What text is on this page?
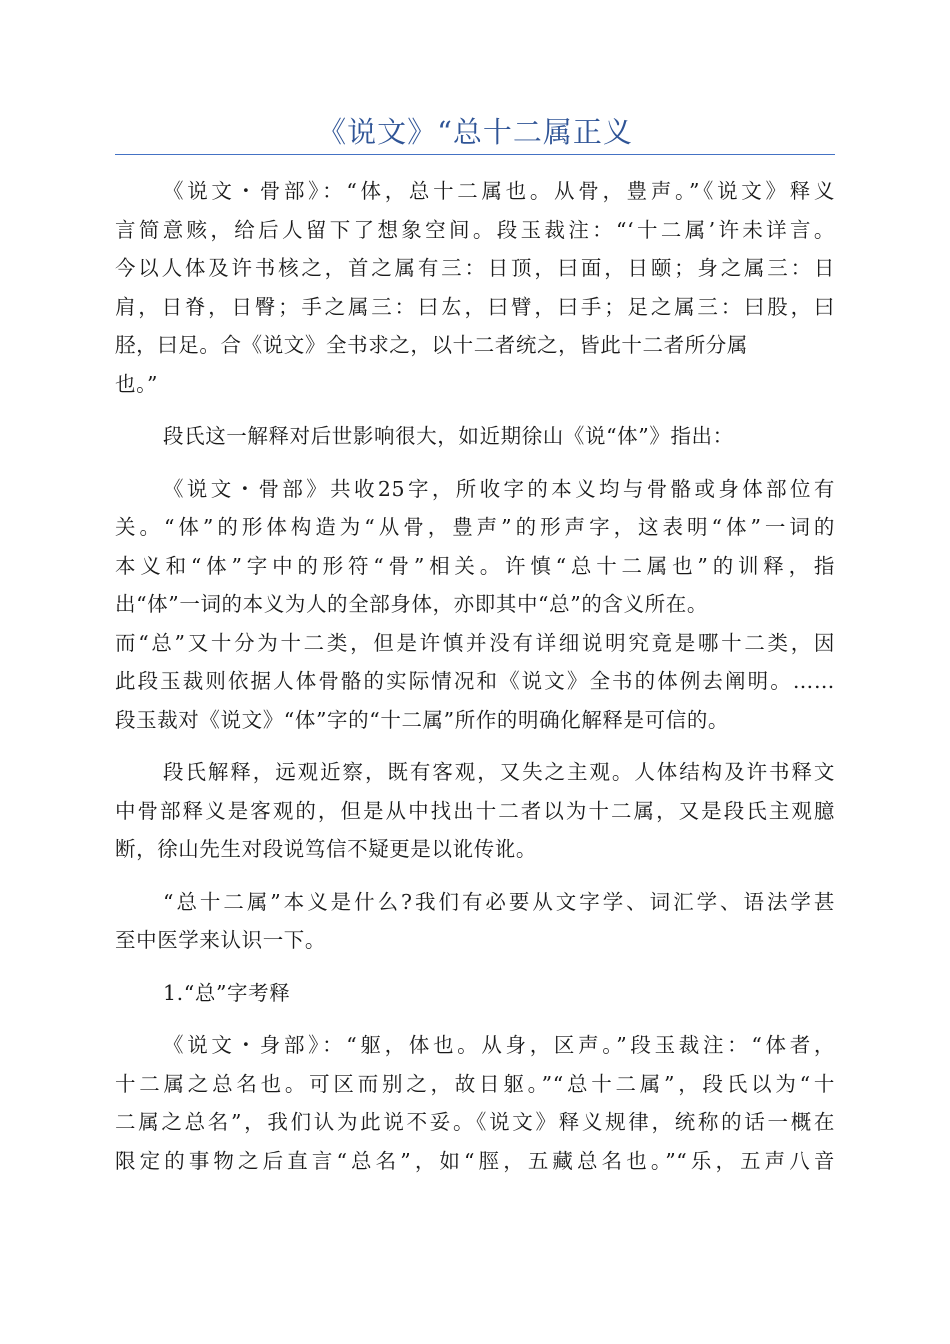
《说文》“总十二属正义
《说文・骨部》：“体，总十二属也。从骨，豊声。”《说文》释义
言简意赅，给后人留下了想象空间。段玉裁注：“‘十二属’许未详言。
今以人体及许书核之，首之属有三：日顶，曰面，日颐；身之属三：日
肩，日脊，日臀；手之属三：曰厷，曰臂，曰手；足之属三：曰股，曰
胫，曰足。合《说文》全书求之，以十二者统之，皆此十二者所分属
也。”
段氏这一解释对后世影响很大，如近期徐山《说“体”》指出：
《说文・骨部》共收25字，所收字的本义均与骨骼或身体部位有
关。“体”的形体构造为“从骨，豊声”的形声字，这表明“体”一词的
本义和“体”字中的形符“骨”相关。许慎“总十二属也”的训释，指
出“体”一词的本义为人的全部身体，亦即其中“总”的含义所在。
而“总”又十分为十二类，但是许慎并没有详细说明究竟是哪十二类，因
此段玉裁则依据人体骨骼的实际情况和《说文》全书的体例去阐明。……
段玉裁对《说文》“体”字的“十二属”所作的明确化解释是可信的。
段氏解释，远观近察，既有客观，又失之主观。人体结构及许书释文
中骨部释义是客观的，但是从中找出十二者以为十二属，又是段氏主观臆
断，徐山先生对段说笃信不疑更是以讹传讹。
“总十二属”本义是什么?我们有必要从文字学、词汇学、语法学甚
至中医学来认识一下。
1.“总”字考释
《说文・身部》：“躯，体也。从身，区声。”段玉裁注：“体者，
十二属之总名也。可区而别之，故日躯。”“总十二属”，段氏以为“十
二属之总名”，我们认为此说不妥。《说文》释义规律，统称的话一概在
限定的事物之后直言“总名”，如“脛，五藏总名也。”“乐，五声八音
